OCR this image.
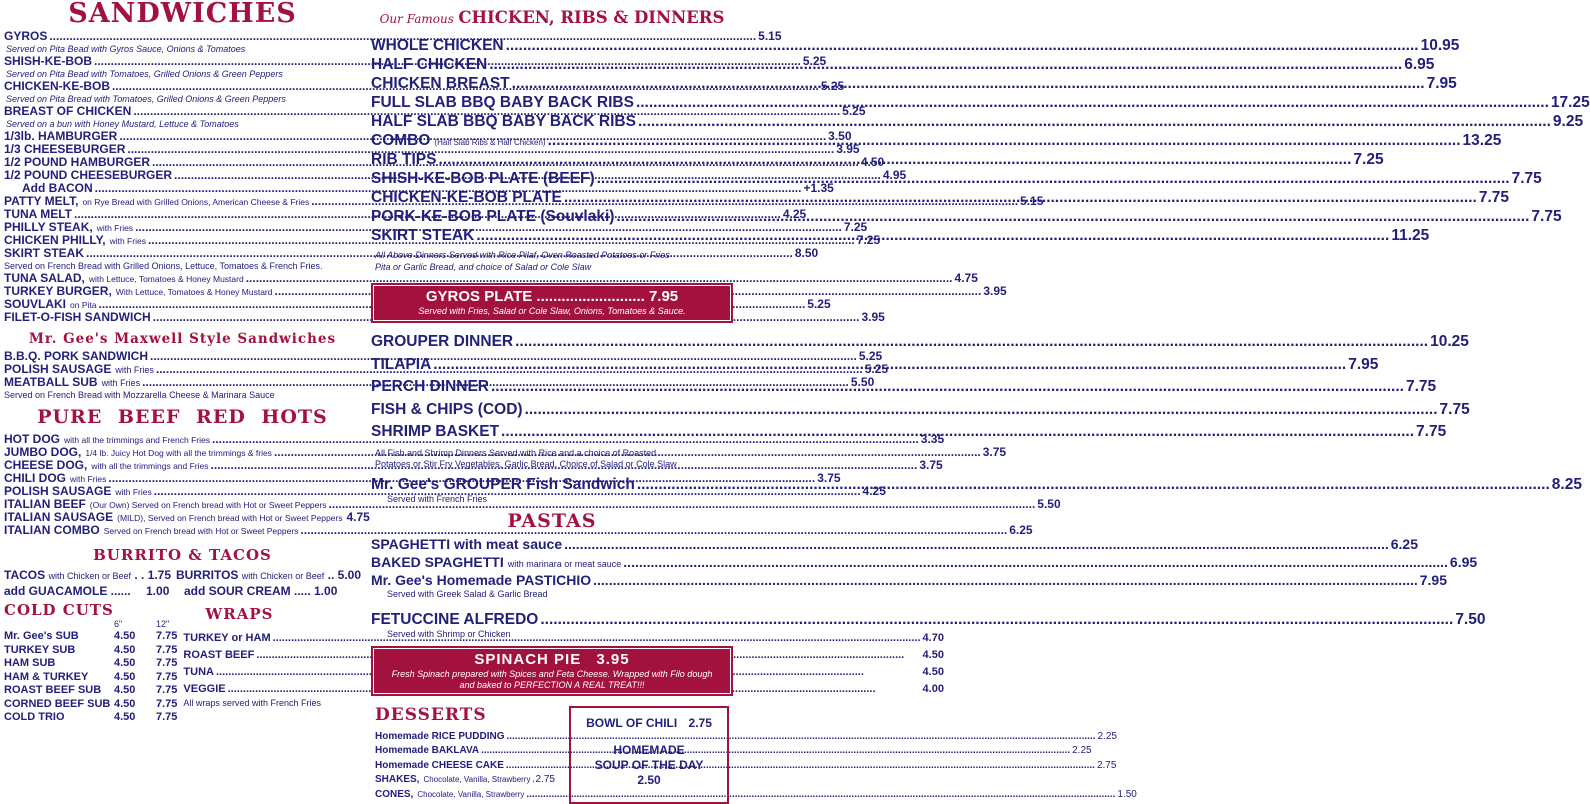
SANDWICHES
GYROS .....	5.15
Served on Pita Bead with Gyros Sauce, Onions & Tomatoes
SHISH-KE-BOB .....	5.25
Served on Pita Bead with Tomatoes, Grilled Onions & Green Peppers
CHICKEN-KE-BOB .....	5.25
Served on Pita Bread with Tomatoes, Grilled Onions & Green Peppers
BREAST OF CHICKEN .....	5.25
Served on a bun with Honey Mustard, Lettuce & Tomatoes
1/3lb. HAMBURGER .....	3.50
1/3 CHEESEBURGER .....	3.95
1/2 POUND HAMBURGER .....	4.50
1/2 POUND CHEESEBURGER .....	4.95
Add BACON .....	+1.35
PATTY MELT, on Rye Bread with Grilled Onions, American Cheese & Fries .....	5.15
TUNA MELT .....	4.25
PHILLY STEAK, with Fries .....	7.25
CHICKEN PHILLY, with Fries .....	7.25
SKIRT STEAK .....	8.50
Served on French Bread with Grilled Onions, Lettuce, Tomatoes & French Fries.
TUNA SALAD, with Lettuce, Tomatoes & Honey Mustard .....	4.75
TURKEY BURGER, With Lettuce, Tomatoes & Honey Mustard .....	3.95
SOUVLAKI on Pita .....	5.25
FILET-O-FISH SANDWICH .....	3.95
Mr. Gee's Maxwell Style Sandwiches
B.B.Q. PORK SANDWICH .....	5.25
POLISH SAUSAGE with Fries .....	5.25
MEATBALL SUB with Fries .....	5.50
Served on French Bread with Mozzarella Cheese & Marinara Sauce
PURE BEEF RED HOTS
HOT DOG with all the trimmings and French Fries .....	3.35
JUMBO DOG, 1/4 lb. Juicy Hot Dog with all the trimmings & fries .....	3.75
CHEESE DOG, with all the trimmings and Fries .....	3.75
CHILI DOG with Fries .....	3.75
POLISH SAUSAGE with Fries .....	4.25
ITALIAN BEEF (Our Own) Served on French bread with Hot or Sweet Peppers .....	5.50
ITALIAN SAUSAGE (MILD), Served on French bread with Hot or Sweet Peppers 4.75
ITALIAN COMBO Served on French bread with Hot or Sweet Peppers .....	6.25
BURRITO & TACOS
TACOS with Chicken or Beef . . 1.75 BURRITOS with Chicken or Beef .. 5.00
add GUACAMOLE ...... 1.00	add SOUR CREAM ..... 1.00
COLD CUTS
6"	12"
Mr. Gee's SUB	4.50	7.75
TURKEY SUB	4.50	7.75
HAM SUB	4.50	7.75
HAM & TURKEY	4.50	7.75
ROAST BEEF SUB	4.50	7.75
CORNED BEEF SUB 4.50	7.75
COLD TRIO	4.50	7.75
WRAPS
TURKEY or HAM .....	4.70
ROAST BEEF .....	4.50
TUNA .....	4.50
VEGGIE .....	4.00
All wraps served with French Fries
Our Famous CHICKEN, RIBS & DINNERS
WHOLE CHICKEN .....	10.95
HALF CHICKEN .....	6.95
CHICKEN BREAST .....	7.95
FULL SLAB BBQ BABY BACK RIBS .....	17.25
HALF SLAB BBQ BABY BACK RIBS .....	9.25
COMBO (Half Slab Ribs & Half Chicken) .....	13.25
RIB TIPS .....	7.25
SHISH-KE-BOB PLATE (BEEF) .....	7.75
CHICKEN-KE-BOB PLATE .....	7.75
PORK-KE-BOB PLATE (Souvlaki) .....	7.75
SKIRT STEAK .....	11.25
All Above Dinners Served with Rice Pilaf, Oven Roasted Potatoes or Fries
Pita or Garlic Bread, and choice of Salad or Cole Slaw
GYROS PLATE .......................... 7.95
Served with Fries, Salad or Cole Slaw, Onions, Tomatoes & Sauce.
GROUPER DINNER .....	10.25
TILAPIA .....	7.95
PERCH DINNER .....	7.75
FISH & CHIPS (COD) .....	7.75
SHRIMP BASKET .....	7.75
All Fish and Shrimp Dinners Served with Rice and a choice of Roasted
Potatoes or Stir Fry Vegetables, Garlic Bread, Choice of Salad or Cole Slaw
Mr. Gee's GROUPER Fish Sandwich .....	8.25
Served with French Fries
PASTAS
SPAGHETTI with meat sauce .....	6.25
BAKED SPAGHETTI with marinara or meat sauce .....	6.95
Mr. Gee's Homemade PASTICHIO .....	7.95
Served with Greek Salad & Garlic Bread
FETUCCINE ALFREDO .....	7.50
Served with Shrimp or Chicken
SPINACH PIE 3.95
Fresh Spinach prepared with Spices and Feta Cheese. Wrapped with Filo dough
and baked to PERFECTION A REAL TREAT!!!
DESSERTS
Homemade RICE PUDDING .....	2.25
Homemade BAKLAVA .....	2.25
Homemade CHEESE CAKE .....	2.75
SHAKES, Chocolate, Vanilla, Strawberry ..... 2.75
CONES, Chocolate, Vanilla, Strawberry .....	1.50
BOWL OF CHILI 2.75
HOMEMADE
SOUP OF THE DAY
2.50
